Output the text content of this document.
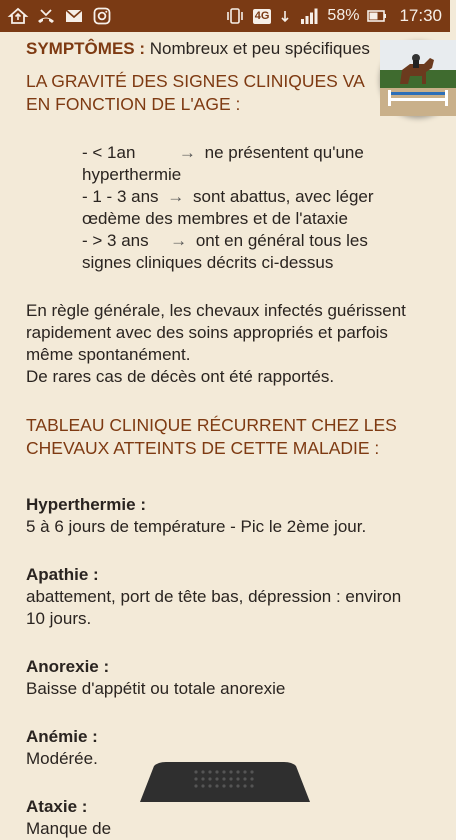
4G	58% 17:30
SYMPTÔMES : Nombreux et peu spécifiques
LA GRAVITÉ DES SIGNES CLINIQUES VA
EN FONCTION DE L'AGE :
- < 1an	→ ne présentent qu'une
hyperthermie
- 1 - 3 ans → sont abattus, avec léger
œdème des membres et de l'ataxie
- > 3 ans → ont en général tous les
signes cliniques décrits ci-dessus
En règle générale, les chevaux infectés guérissent
rapidement avec des soins appropriés et parfois
même spontanément.
De rares cas de décès ont été rapportés.
TABLEAU CLINIQUE RÉCURRENT CHEZ LES
CHEVAUX ATTEINTS DE CETTE MALADIE :
Hyperthermie :
5 à 6 jours de température - Pic le 2ème jour.
Apathie :
abattement, port de tête bas, dépression : environ
10 jours.
Anorexie :
Baisse d'appétit ou totale anorexie
Anémie :
Modérée.
Ataxie :
Manque de
